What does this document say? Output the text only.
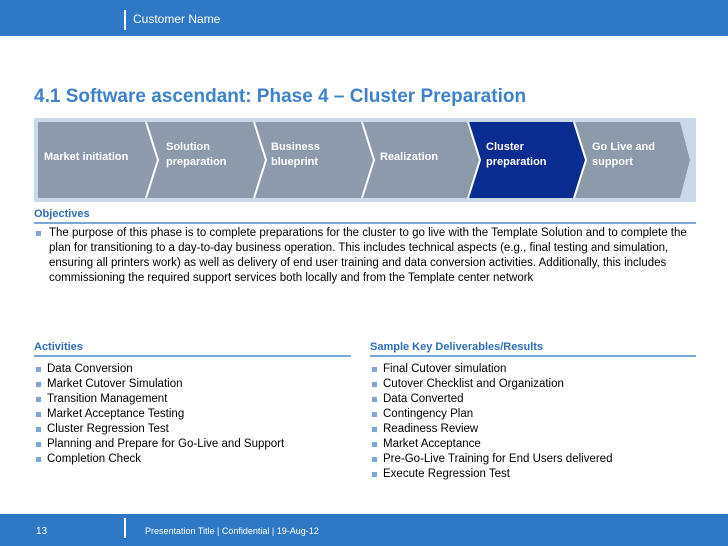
Customer Name
4.1 Software ascendant: Phase 4 – Cluster Preparation
Market initiation
Solution preparation
Business blueprint	Realization
Cluster preparation
Go Live and support
Objectives
The purpose of this phase is to complete preparations for the cluster to go live with the Template Solution and to complete the plan for transitioning to a day-to-day business operation. This includes technical aspects (e.g., final testing and simulation, ensuring all printers work) as well as delivery of end user training and data conversion activities. Additionally, this includes commissioning the required support services both locally and from the Template center network
Activities
Data Conversion
Market Cutover Simulation
Transition Management
Market Acceptance Testing
Cluster Regression Test
Planning and Prepare for Go-Live and Support
Completion Check
Sample Key Deliverables/Results
Final Cutover simulation
Cutover Checklist and Organization
Data Converted
Contingency Plan
Readiness Review
Market Acceptance
Pre-Go-Live Training for End Users delivered
Execute Regression Test
13	Presentation Title | Confidential | 19-Aug-12
